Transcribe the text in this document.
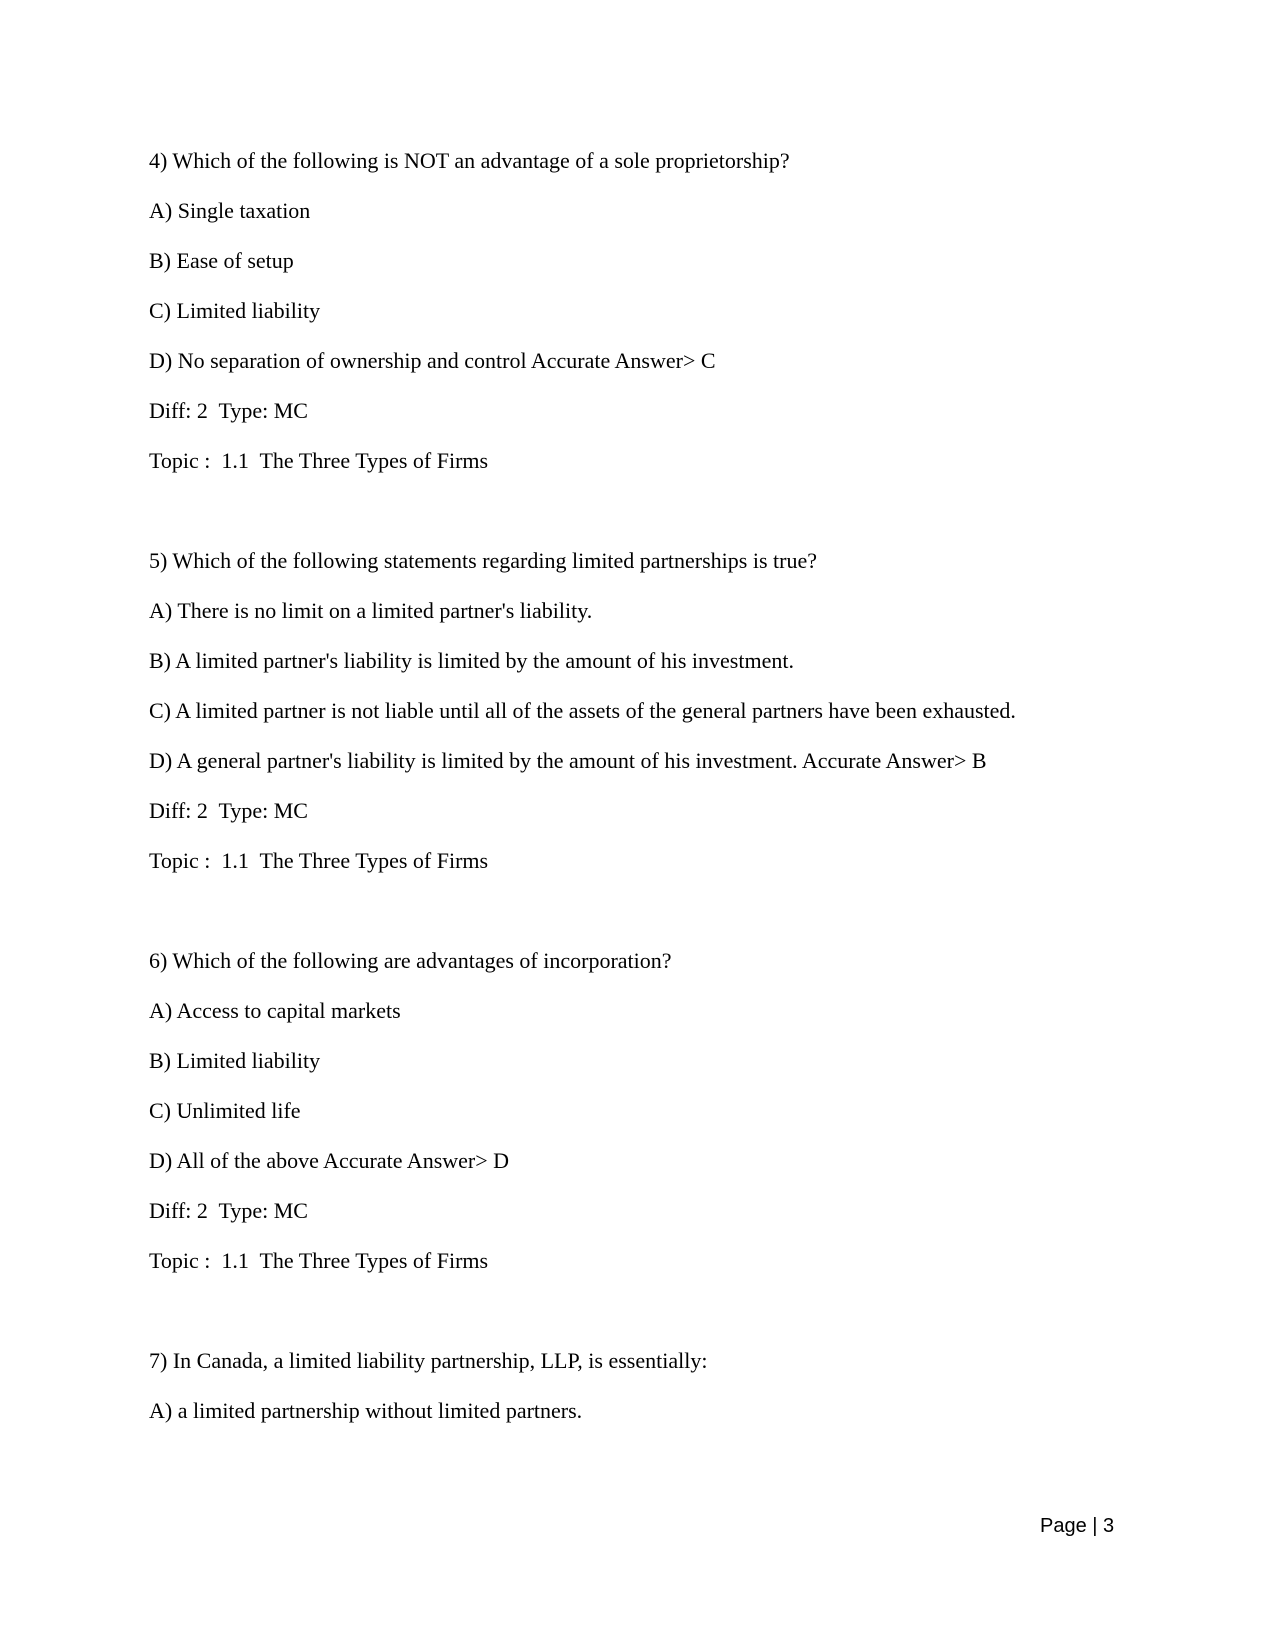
4) Which of the following is NOT an advantage of a sole proprietorship?
A) Single taxation
B) Ease of setup
C) Limited liability
D) No separation of ownership and control Accurate Answer> C
Diff: 2  Type: MC
Topic :  1.1  The Three Types of Firms
5) Which of the following statements regarding limited partnerships is true?
A) There is no limit on a limited partner's liability.
B) A limited partner's liability is limited by the amount of his investment.
C) A limited partner is not liable until all of the assets of the general partners have been exhausted.
D) A general partner's liability is limited by the amount of his investment. Accurate Answer> B
Diff: 2  Type: MC
Topic :  1.1  The Three Types of Firms
6) Which of the following are advantages of incorporation?
A) Access to capital markets
B) Limited liability
C) Unlimited life
D) All of the above Accurate Answer> D
Diff: 2  Type: MC
Topic :  1.1  The Three Types of Firms
7) In Canada, a limited liability partnership, LLP, is essentially:
A) a limited partnership without limited partners.
Page | 3
